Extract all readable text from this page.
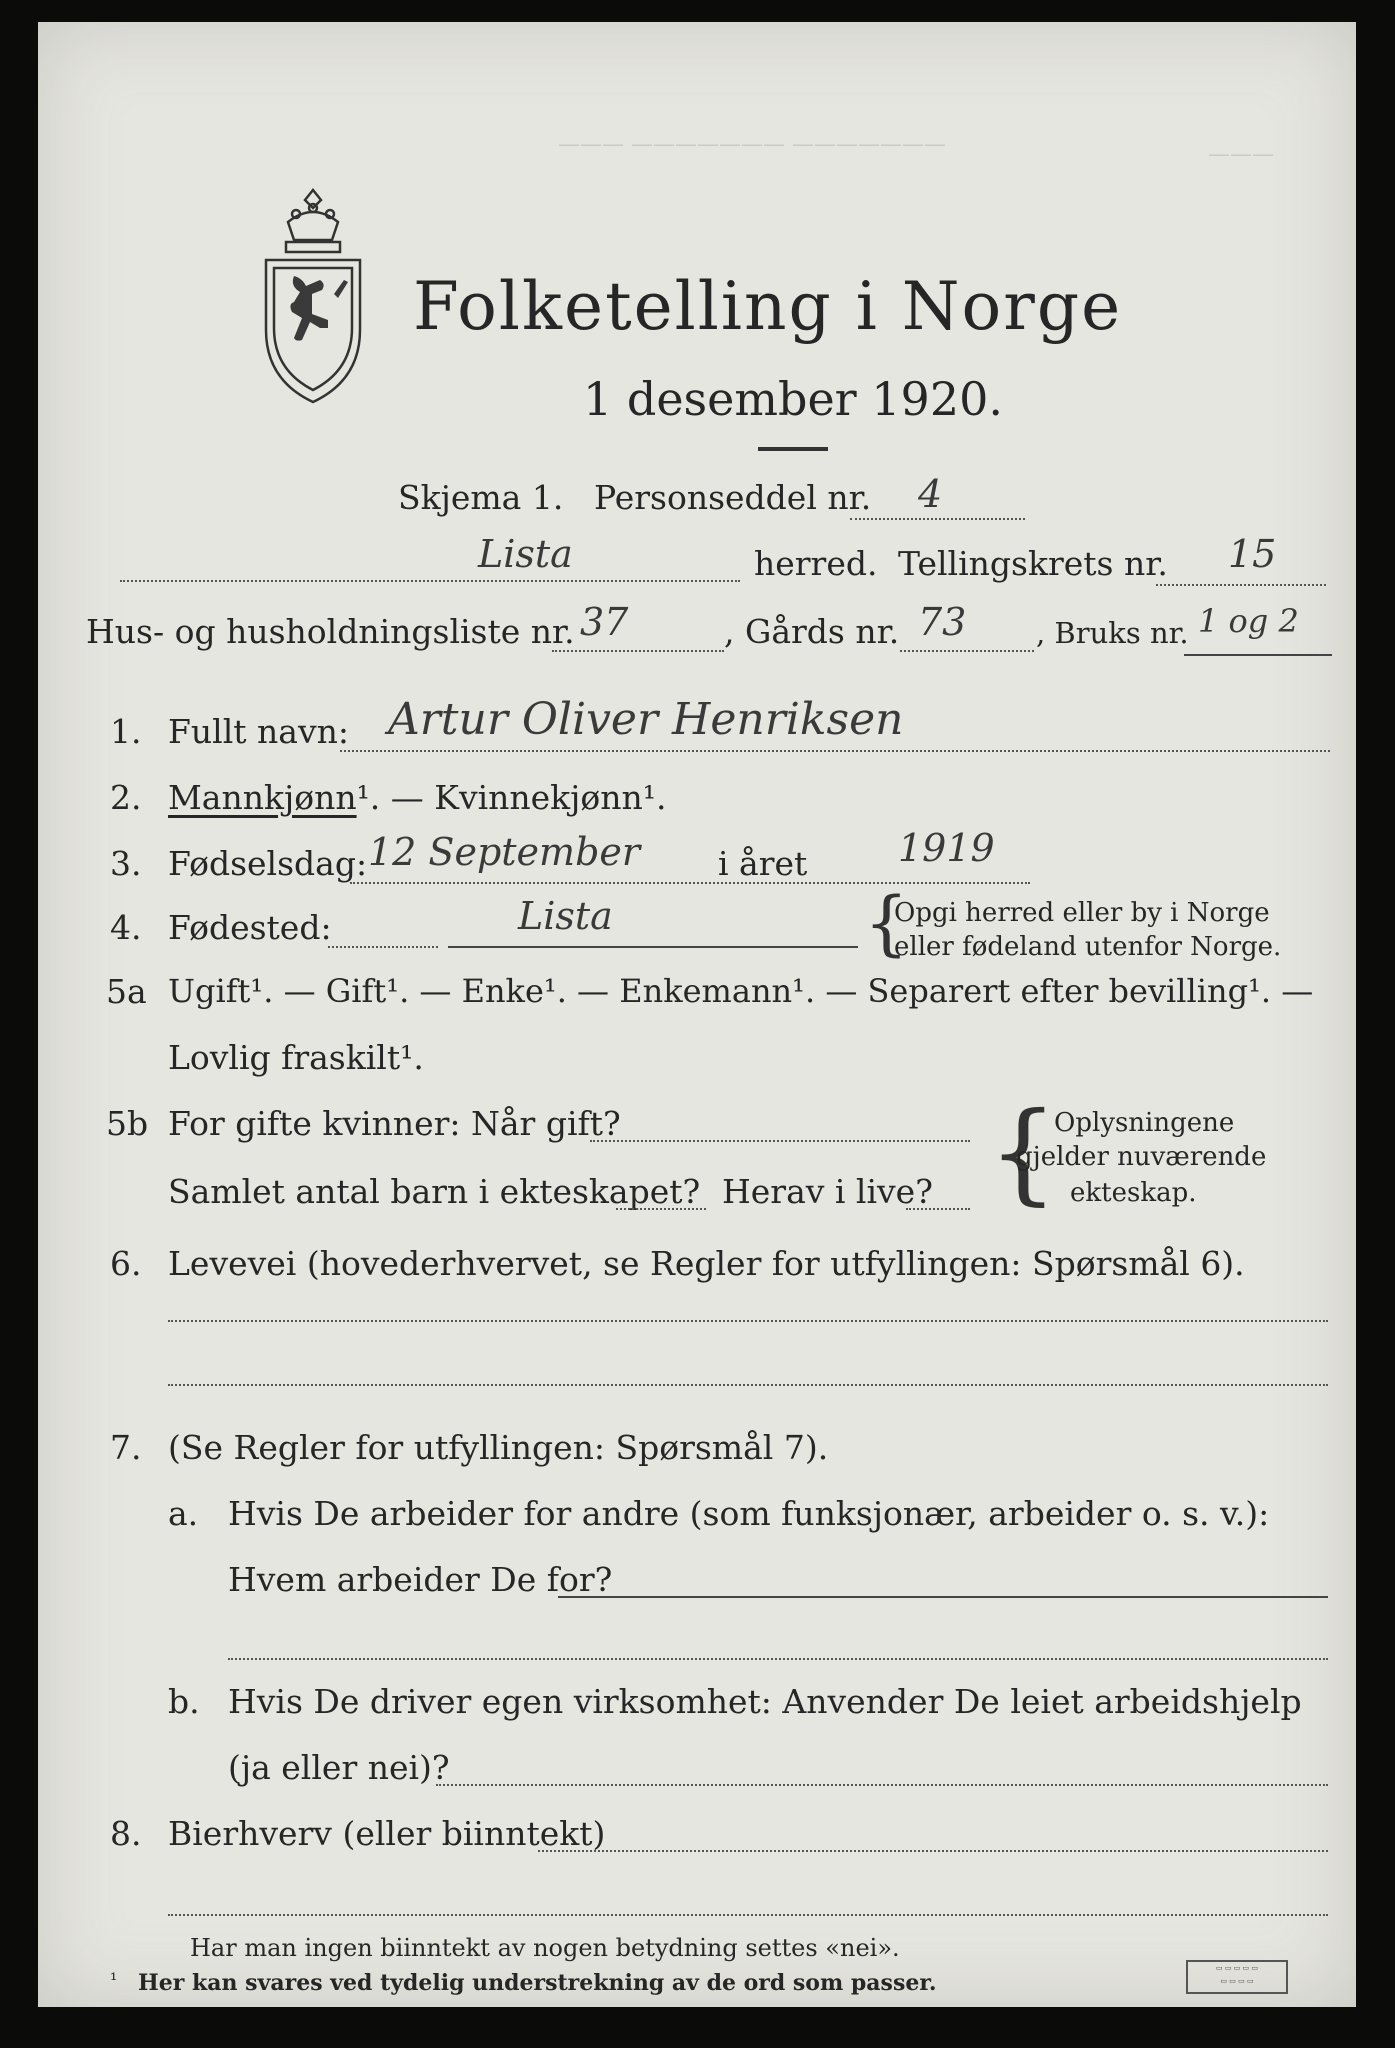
——— ——————— ———————	———
Folketelling i Norge
1 desember 1920.
Skjema 1. Personseddel nr. 4
Lista	herred. Tellingskrets nr. 15
Hus- og husholdningsliste nr. 37	, Gårds nr. 73 , Bruks nr. 1 og 2
1. Fullt navn: Artur Oliver Henriksen
2. Mannkjønn¹. — Kvinnekjønn¹.
3. Fødselsdag: 12 September i året 1919
4. Fødested:	Lista	{
Opgi herred eller by i Norge
eller fødeland utenfor Norge.
5a Ugift¹. — Gift¹. — Enke¹. — Enkemann¹. — Separert efter bevilling¹. —
Lovlig fraskilt¹.
5b For gifte kvinner: Når gift?
Samlet antal barn i ekteskapet? Herav i live? {
Oplysningene
gjelder nuværende
ekteskap.
6. Levevei (hovederhvervet, se Regler for utfyllingen: Spørsmål 6).
7. (Se Regler for utfyllingen: Spørsmål 7).
a. Hvis De arbeider for andre (som funksjonær, arbeider o. s. v.):
Hvem arbeider De for?
b. Hvis De driver egen virksomhet: Anvender De leiet arbeidshjelp
(ja eller nei)?
8. Bierhverv (eller biinntekt)
Har man ingen biinntekt av nogen betydning settes «nei».
¹ Her kan svares ved tydelig understrekning av de ord som passer.
▭ ▭ ▭ ▭ ▭
▭ ▭ ▭ ▭
